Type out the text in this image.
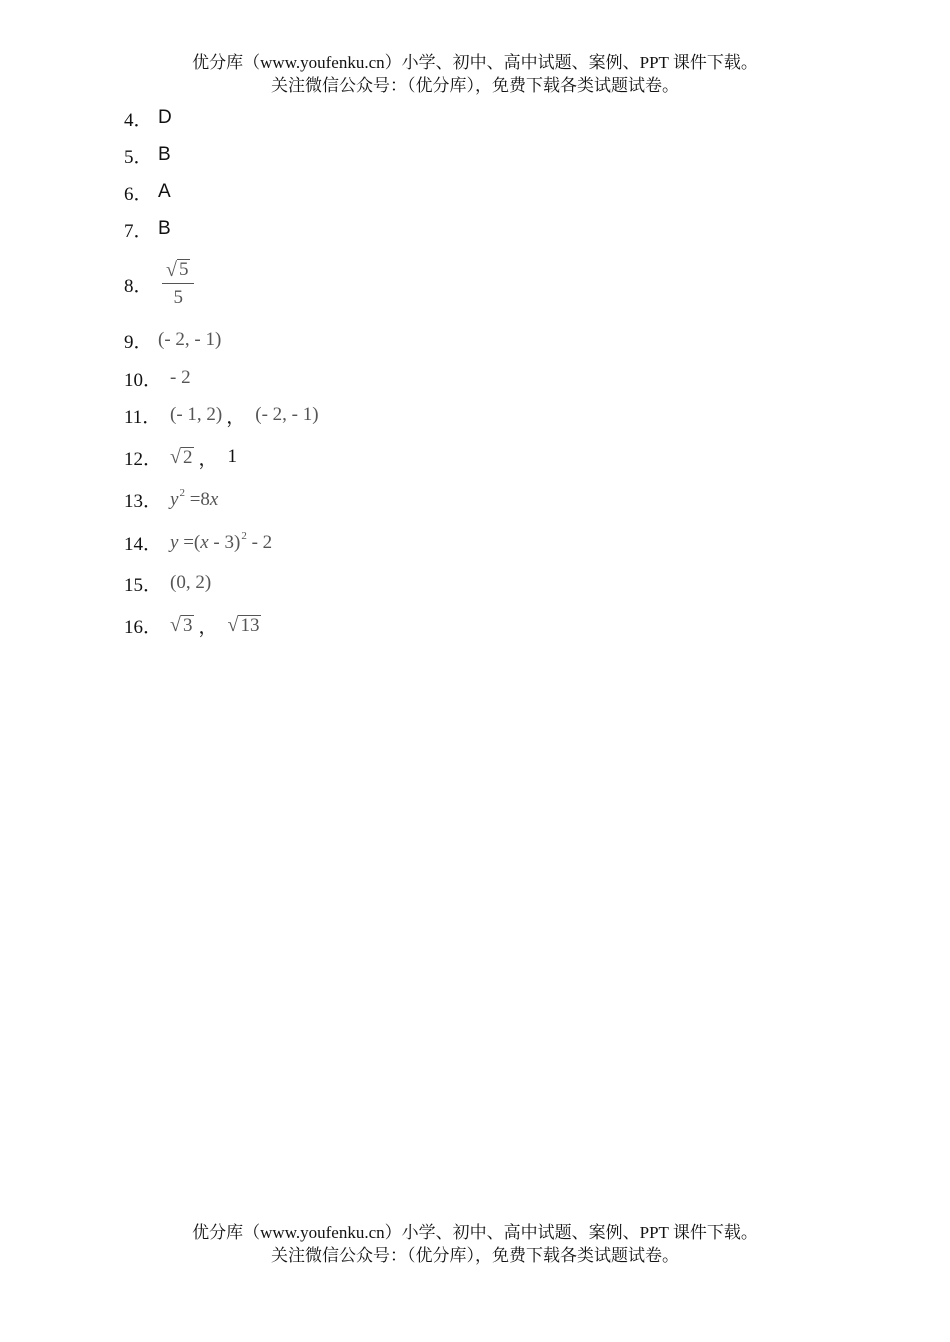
优分库（www.youfenku.cn）小学、初中、高中试题、案例、PPT 课件下载。
关注微信公众号：（优分库），免费下载各类试题试卷。
4． D
5． B
6． A
7． B
8． $\frac{√ 5}{5}$
9． (- 2, - 1)
10． - 2
11． (- 1, 2) ， (- 2, - 1)
12． √ 2 ， 1
13． $y^2 =8x$
14． y =(x - 3)$^2$ - 2
15． (0, 2)
16． √ 3 ， √ 13
优分库（www.youfenku.cn）小学、初中、高中试题、案例、PPT 课件下载。
关注微信公众号：（优分库），免费下载各类试题试卷。
